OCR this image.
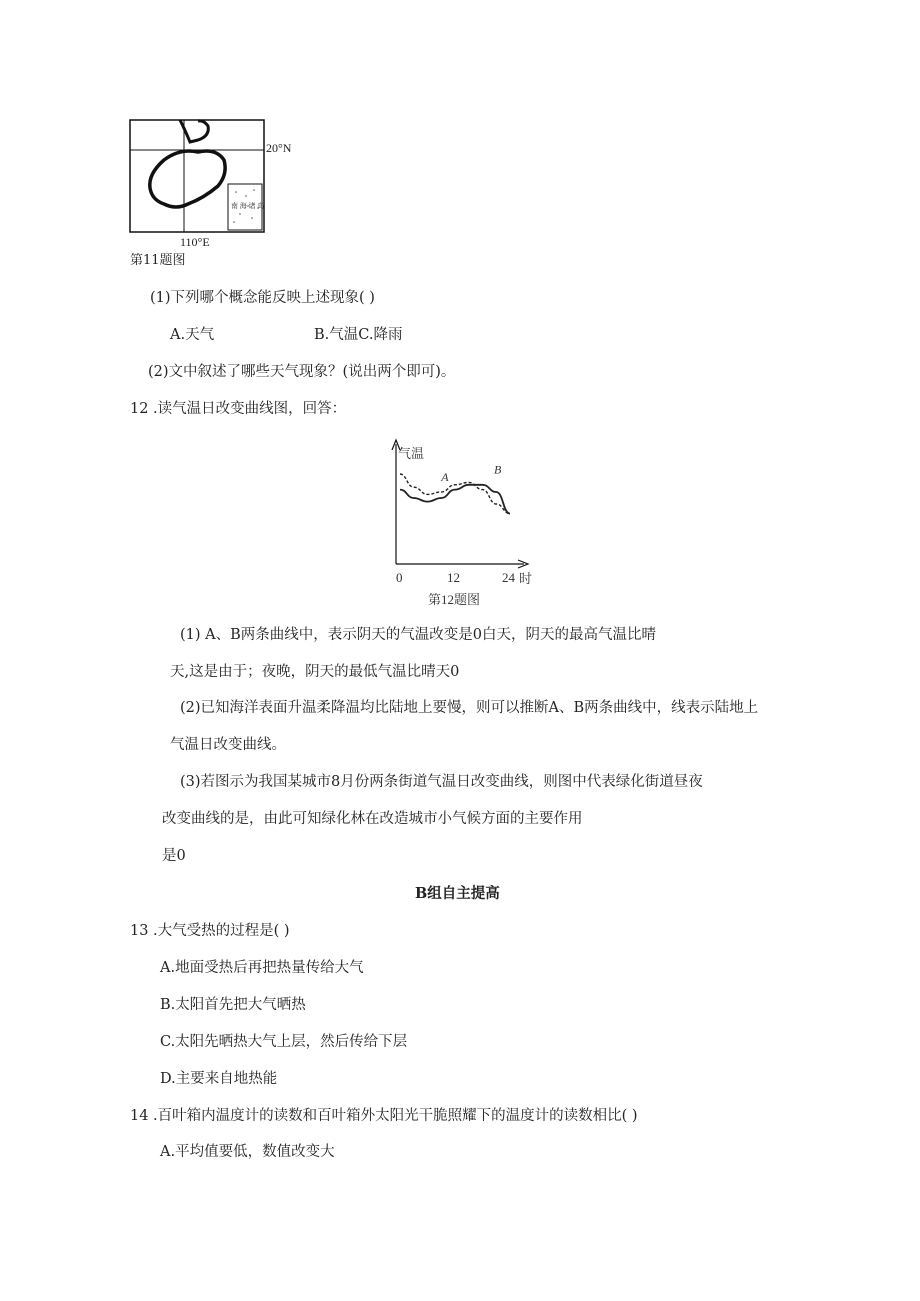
南 海 诸 岛
20°N
110°E
第11题图
(1)下列哪个概念能反映上述现象( )
A.天气	B.气温C.降雨
(2)文中叙述了哪些天气现象？(说出两个即可)。
12 .读气温日改变曲线图，回答：
气温
A
B
0	12	24 时
第12题图
(1) A、B两条曲线中，表示阴天的气温改变是0白天，阴天的最高气温比晴
天,这是由于；夜晚，阴天的最低气温比晴天0
(2)已知海洋表面升温柔降温均比陆地上要慢，则可以推断A、B两条曲线中，线表示陆地上
气温日改变曲线。
(3)若图示为我国某城市8月份两条街道气温日改变曲线，则图中代表绿化街道昼夜
改变曲线的是，由此可知绿化林在改造城市小气候方面的主要作用
是0
B组自主提高
13 .大气受热的过程是( )
A.地面受热后再把热量传给大气
B.太阳首先把大气晒热
C.太阳先晒热大气上层，然后传给下层
D.主要来自地热能
14 .百叶箱内温度计的读数和百叶箱外太阳光干脆照耀下的温度计的读数相比( )
A.平均值要低，数值改变大
